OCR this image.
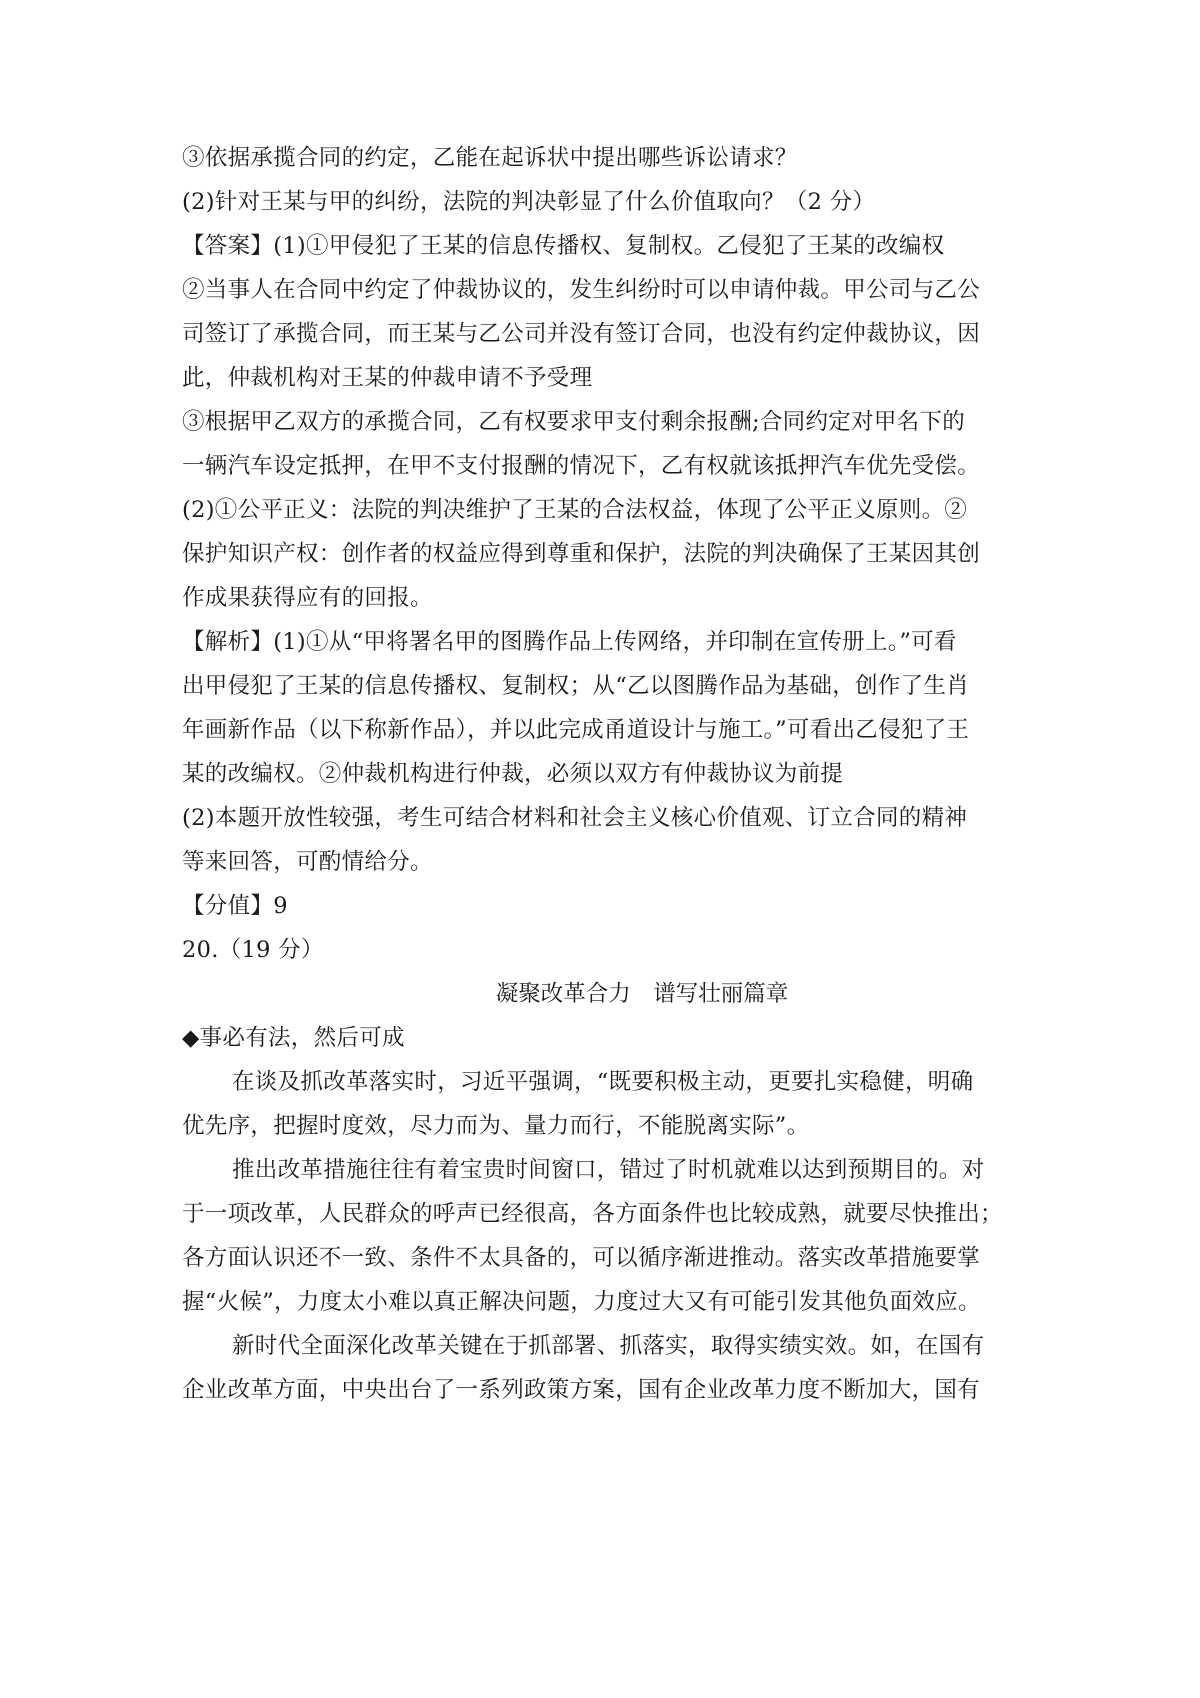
③依据承揽合同的约定，乙能在起诉状中提出哪些诉讼请求？
(2)针对王某与甲的纠纷，法院的判决彰显了什么价值取向？（2 分）
【答案】(1)①甲侵犯了王某的信息传播权、复制权。乙侵犯了王某的改编权
②当事人在合同中约定了仲裁协议的，发生纠纷时可以申请仲裁。甲公司与乙公
司签订了承揽合同，而王某与乙公司并没有签订合同，也没有约定仲裁协议，因
此，仲裁机构对王某的仲裁申请不予受理
③根据甲乙双方的承揽合同，乙有权要求甲支付剩余报酬;合同约定对甲名下的
一辆汽车设定抵押，在甲不支付报酬的情况下，乙有权就该抵押汽车优先受偿。
(2)①公平正义：法院的判决维护了王某的合法权益，体现了公平正义原则。②
保护知识产权：创作者的权益应得到尊重和保护，法院的判决确保了王某因其创
作成果获得应有的回报。
【解析】(1)①从“甲将署名甲的图腾作品上传网络，并印制在宣传册上。”可看
出甲侵犯了王某的信息传播权、复制权；从“乙以图腾作品为基础，创作了生肖
年画新作品（以下称新作品），并以此完成甬道设计与施工。”可看出乙侵犯了王
某的改编权。②仲裁机构进行仲裁，必须以双方有仲裁协议为前提
(2)本题开放性较强，考生可结合材料和社会主义核心价值观、订立合同的精神
等来回答，可酌情给分。
【分值】9
20.（19 分）
凝聚改革合力　谱写壮丽篇章
◆事必有法，然后可成
在谈及抓改革落实时，习近平强调，“既要积极主动，更要扎实稳健，明确
优先序，把握时度效，尽力而为、量力而行，不能脱离实际”。
推出改革措施往往有着宝贵时间窗口，错过了时机就难以达到预期目的。对
于一项改革，人民群众的呼声已经很高，各方面条件也比较成熟，就要尽快推出；
各方面认识还不一致、条件不太具备的，可以循序渐进推动。落实改革措施要掌
握“火候”，力度太小难以真正解决问题，力度过大又有可能引发其他负面效应。
新时代全面深化改革关键在于抓部署、抓落实，取得实绩实效。如，在国有
企业改革方面，中央出台了一系列政策方案，国有企业改革力度不断加大，国有
